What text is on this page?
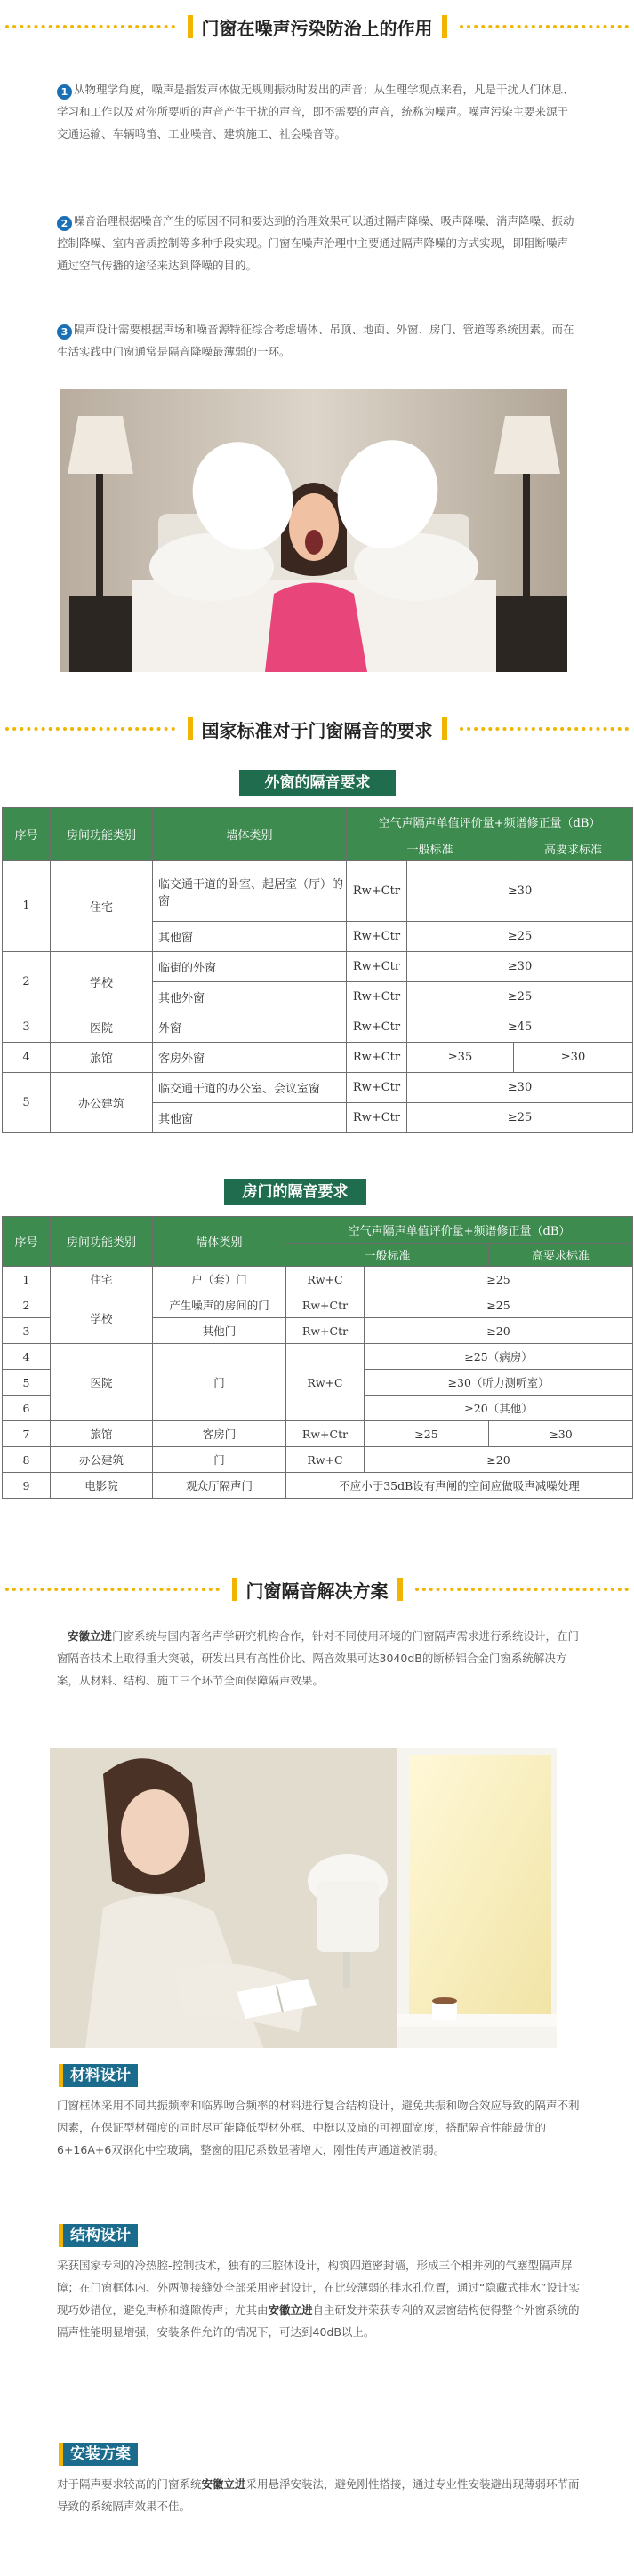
门窗在噪声污染防治上的作用
1 从物理学角度，噪声是指发声体做无规则振动时发出的声音；从生理学观点来看，凡是干扰人们休息、学习和工作以及对你所要听的声音产生干扰的声音，即不需要的声音，统称为噪声。噪声污染主要来源于交通运输、车辆鸣笛、工业噪音、建筑施工、社会噪音等。
2 噪音治理根据噪音产生的原因不同和要达到的治理效果可以通过隔声降噪、吸声降噪、消声降噪、振动控制降噪、室内音质控制等多种手段实现。门窗在噪声治理中主要通过隔声降噪的方式实现，即阻断噪声通过空气传播的途径来达到降噪的目的。
3 隔声设计需要根据声场和噪音源特征综合考虑墙体、吊顶、地面、外窗、房门、管道等系统因素。而在生活实践中门窗通常是隔音降噪最薄弱的一环。
国家标准对于门窗隔音的要求
外窗的隔音要求
序号	房间功能类别	墙体类别	空气声隔声单值评价量+频谱修正量（dB）		
			一般标准		高要求标准
1	住宅	临交通干道的卧室、起居室（厅）的窗	Rw+Ctr	≥30	
		其他窗	Rw+Ctr	≥25	
2	学校	临街的外窗	Rw+Ctr	≥30	
		其他外窗	Rw+Ctr	≥25	
3	医院	外窗	Rw+Ctr	≥45	
4	旅馆	客房外窗	Rw+Ctr	≥35	≥30
5	办公建筑	临交通干道的办公室、会议室窗	Rw+Ctr	≥30	
		其他窗	Rw+Ctr	≥25	
房门的隔音要求
序号	房间功能类别	墙体类别	空气声隔声单值评价量+频谱修正量（dB）		
			一般标准		高要求标准
1	住宅	户（套）门	Rw+C	≥25	
2	学校	产生噪声的房间的门	Rw+Ctr	≥25	
3		其他门	Rw+Ctr	≥20	
4	医院	门	Rw+C	≥25（病房）	
5				≥30（听力测听室）	
6				≥20（其他）	
7	旅馆	客房门	Rw+Ctr	≥25	≥30
8	办公建筑	门	Rw+C	≥20	
9	电影院	观众厅隔声门	不应小于35dB设有声闸的空间应做吸声减噪处理		
门窗隔音解决方案
安徽立进门窗系统与国内著名声学研究机构合作，针对不同使用环境的门窗隔声需求进行系统设计，在门窗隔音技术上取得重大突破，研发出具有高性价比、隔音效果可达3040dB的断桥铝合金门窗系统解决方案，从材料、结构、施工三个环节全面保障隔声效果。
材料设计
门窗框体采用不同共振频率和临界吻合频率的材料进行复合结构设计，避免共振和吻合效应导致的隔声不利因素，在保证型材强度的同时尽可能降低型材外框、中梃以及扇的可视面宽度，搭配隔音性能最优的6+16A+6双钢化中空玻璃，整窗的阻尼系数显著增大，刚性传声通道被消弱。
结构设计
采获国家专利的冷热腔-控制技术，独有的三腔体设计，构筑四道密封墙，形成三个相并列的气塞型隔声屏障；在门窗框体内、外两侧接缝处全部采用密封设计，在比较薄弱的排水孔位置，通过“隐藏式排水”设计实现巧妙错位，避免声桥和缝隙传声；尤其由安徽立进自主研发并荣获专利的双层窗结构使得整个外窗系统的隔声性能明显增强，安装条件允许的情况下，可达到40dB以上。
安装方案
对于隔声要求较高的门窗系统安徽立进采用悬浮安装法，避免刚性搭接，通过专业性安装避出现薄弱环节而导致的系统隔声效果不佳。
